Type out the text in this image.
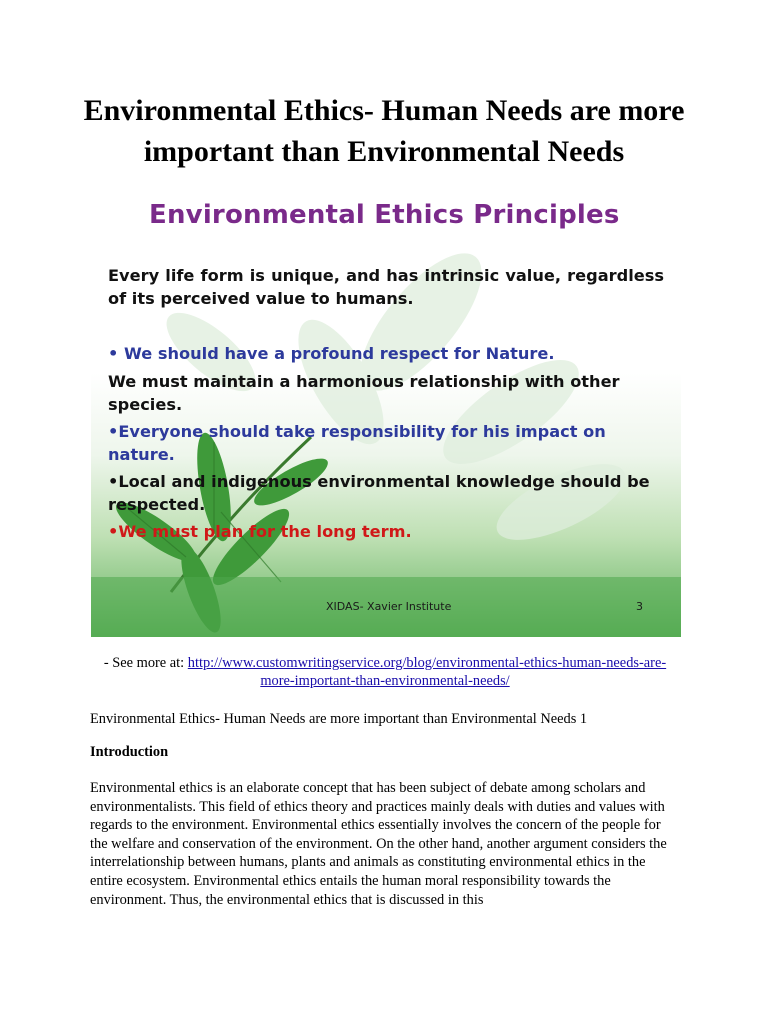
Environmental Ethics- Human Needs are more important than Environmental Needs
Environmental Ethics Principles

Every life form is unique, and has intrinsic value, regardless of its perceived value to humans.

• We should have a profound respect for Nature.

We must maintain a harmonious relationship with other species.

•Everyone should take responsibility for his impact on nature.

•Local and indigenous environmental knowledge should be respected.

•We must plan for the long term.

XIDAS- Xavier Institute	3

- See more at: http://www.customwritingservice.org/blog/environmental-ethics-human-needs-are-more-important-than-environmental-needs/

Environmental Ethics- Human Needs are more important than Environmental Needs 1

Introduction

Environmental ethics is an elaborate concept that has been subject of debate among scholars and environmentalists. This field of ethics theory and practices mainly deals with duties and values with regards to the environment. Environmental ethics essentially involves the concern of the people for the welfare and conservation of the environment. On the other hand, another argument considers the interrelationship between humans, plants and animals as constituting environmental ethics in the entire ecosystem. Environmental ethics entails the human moral responsibility towards the environment. Thus, the environmental ethics that is discussed in this
